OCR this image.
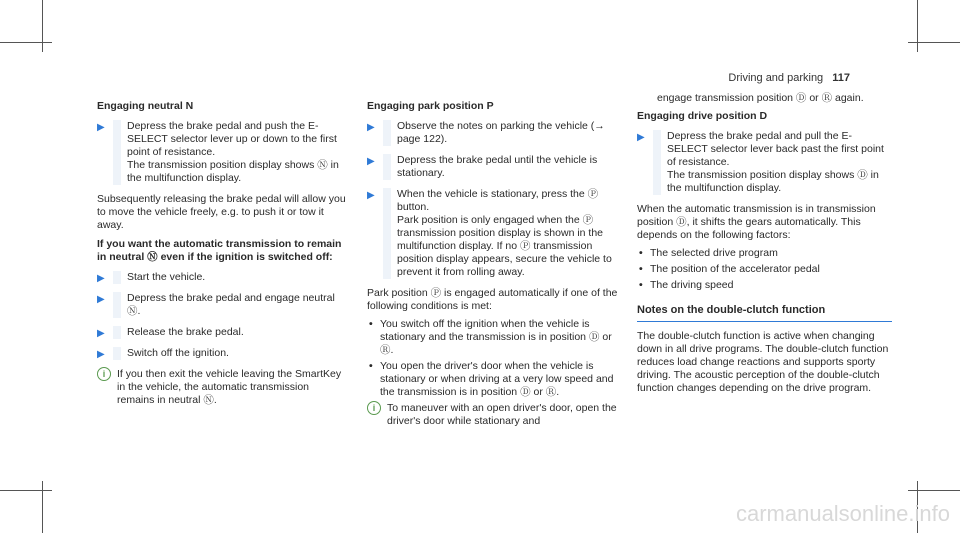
Driving and parking 117
Engaging neutral N
▶	Depress the brake pedal and push the E-SELECT selector lever up or down to the first point of resistance.
The transmission position display shows Ⓝ in the multifunction display.
Subsequently releasing the brake pedal will allow you to move the vehicle freely, e.g. to push it or tow it away.
If you want the automatic transmission to remain in neutral Ⓝ even if the ignition is switched off:
▶	Start the vehicle.
▶	Depress the brake pedal and engage neutral Ⓝ.
▶	Release the brake pedal.
▶	Switch off the ignition.
i	If you then exit the vehicle leaving the SmartKey in the vehicle, the automatic transmission remains in neutral Ⓝ.
Engaging park position P
▶	Observe the notes on parking the vehicle (→ page 122).
▶	Depress the brake pedal until the vehicle is stationary.
▶	When the vehicle is stationary, press the Ⓟ button.
Park position is only engaged when the Ⓟ transmission position display is shown in the multifunction display. If no Ⓟ transmission position display appears, secure the vehicle to prevent it from rolling away.
Park position Ⓟ is engaged automatically if one of the following conditions is met:
• You switch off the ignition when the vehicle is stationary and the transmission is in position Ⓓ or Ⓡ.
• You open the driver's door when the vehicle is stationary or when driving at a very low speed and the transmission is in position Ⓓ or Ⓡ.
i	To maneuver with an open driver's door, open the driver's door while stationary and
engage transmission position Ⓓ or Ⓡ again.
Engaging drive position D
▶	Depress the brake pedal and pull the E-SELECT selector lever back past the first point of resistance.
The transmission position display shows Ⓓ in the multifunction display.
When the automatic transmission is in transmission position Ⓓ, it shifts the gears automatically. This depends on the following factors:
• The selected drive program
• The position of the accelerator pedal
• The driving speed
Notes on the double-clutch function
The double-clutch function is active when changing down in all drive programs. The double-clutch function reduces load change reactions and supports sporty driving. The acoustic perception of the double-clutch function changes depending on the drive program.
carmanualsonline.info
